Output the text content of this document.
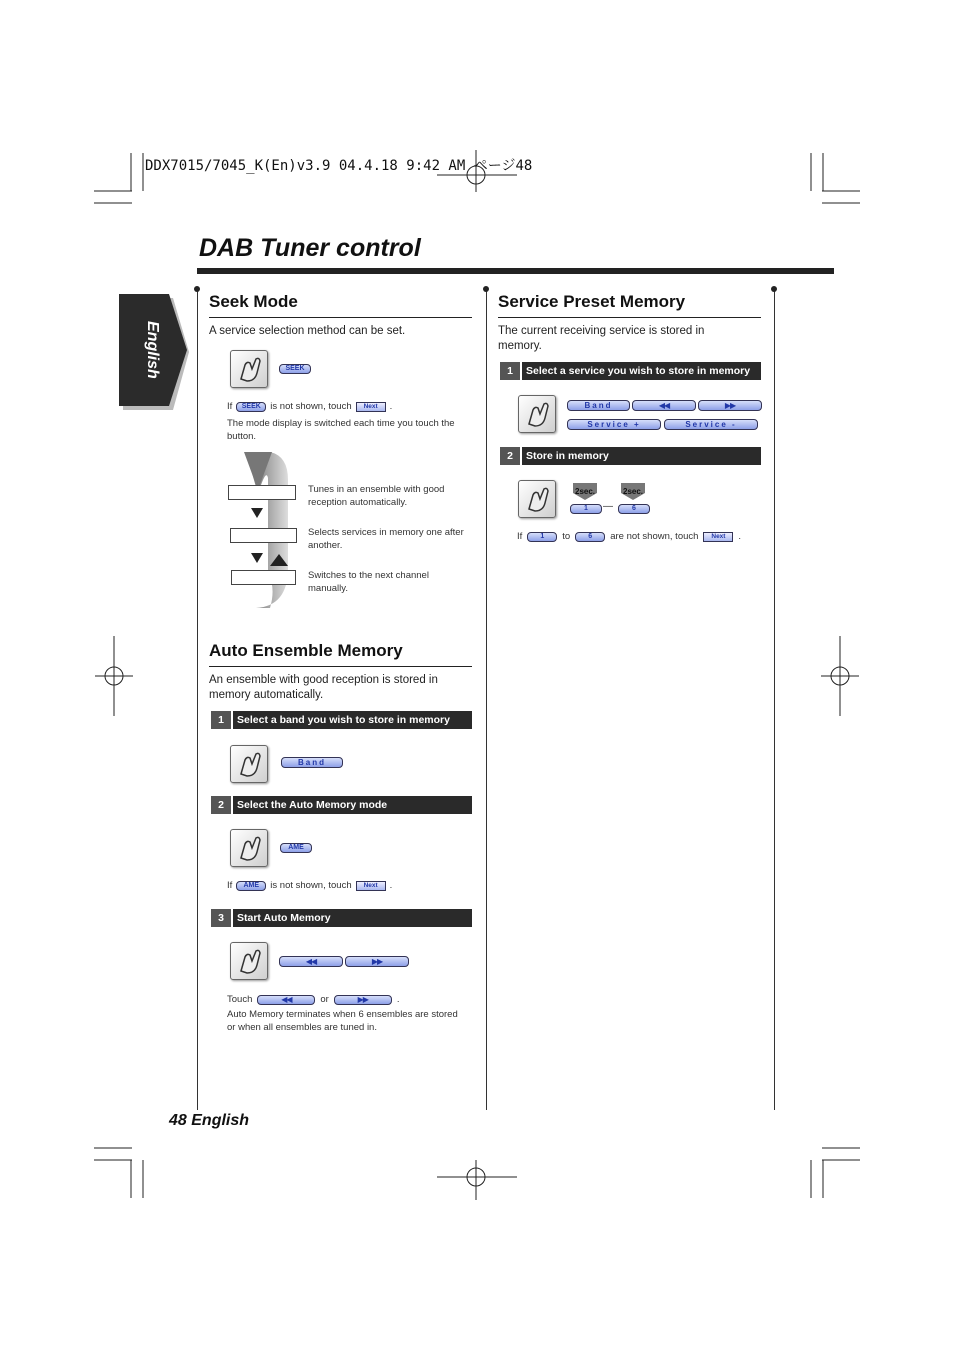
DDX7015/7045_K(En)v3.9 04.4.18 9:42 AM ページ48
DAB Tuner control
English
Seek Mode
A service selection method can be set.
SEEK
If	SEEK is not shown, touch	Next	.
The mode display is switched each time you touch the button.
Tunes in an ensemble with good reception automatically.
Selects services in memory one after another.
Switches to the next channel manually.
Auto Ensemble Memory
An ensemble with good reception is stored in memory automatically.
1	Select a band you wish to store in memory
Band
2	Select the Auto Memory mode
AME
If	AME	is not shown, touch	Next	.
3	Start Auto Memory
◀◀	▶▶
Touch	◀◀	or	▶▶	.
Auto Memory terminates when 6 ensembles are stored or when all ensembles are tuned in.
Service Preset Memory
The current receiving service is stored in memory.
1	Select a service you wish to store in memory
Band	◀◀	▶▶
Service +	Service -
2	Store in memory
2sec.	2sec.
1	—	6
If	1	to	6	are not shown, touch	Next	.
48 English
